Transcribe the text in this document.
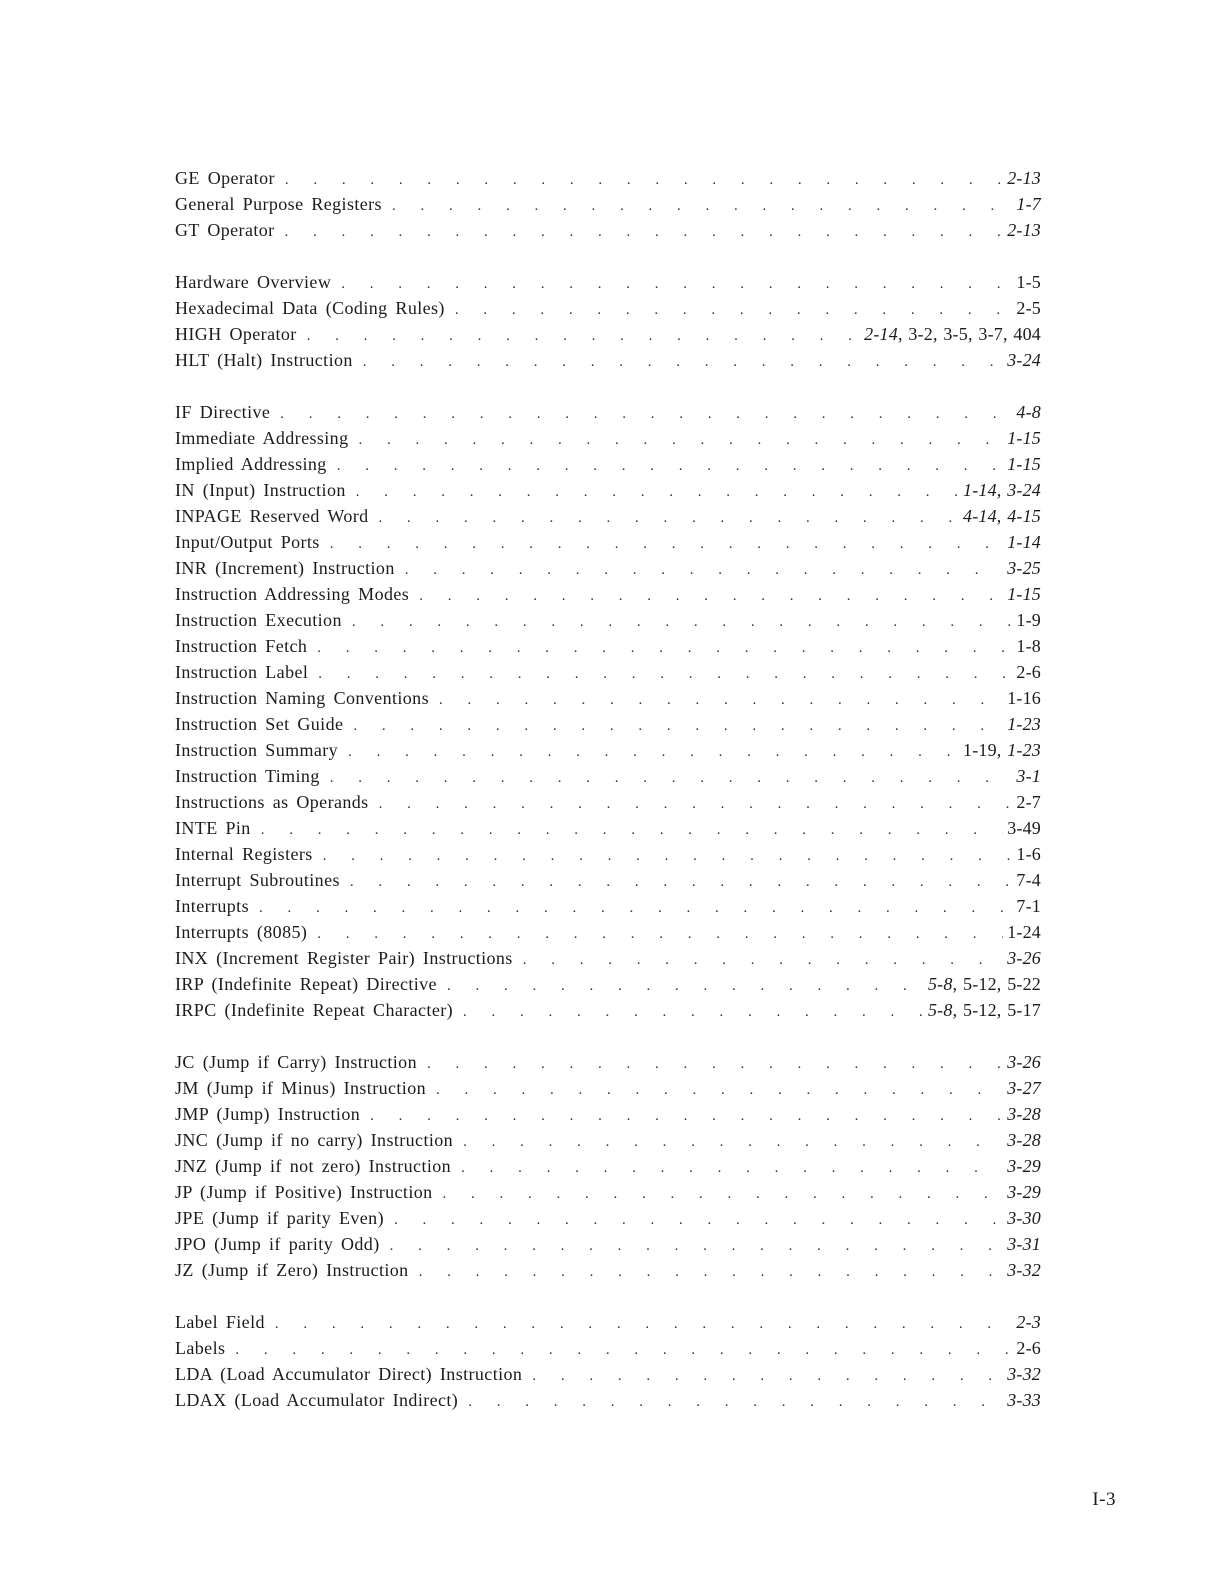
GE Operator . . .	2-13
General Purpose Registers . . .	1-7
GT Operator . . .	2-13
Hardware Overview . . .	1-5
Hexadecimal Data (Coding Rules) . . .	2-5
HIGH Operator . . .	2-14 , 3-2 , 3-5 , 3-7 , 404
HLT (Halt) Instruction . . .	3-24
IF Directive . . .	4-8
Immediate Addressing . . .	1-15
Implied Addressing . . .	1-15
IN (Input) Instruction . . .	1-14 , 3-24
INPAGE Reserved Word . . .	4-14 , 4-15
Input/Output Ports . . .	1-14
INR (Increment) Instruction . . .	3-25
Instruction Addressing Modes . . .	1-15
Instruction Execution . . .	1-9
Instruction Fetch . . .	1-8
Instruction Label . . .	2-6
Instruction Naming Conventions . . .	1-16
Instruction Set Guide . . .	1-23
Instruction Summary . . .	1-19 , 1-23
Instruction Timing . . .	3-1
Instructions as Operands . . .	2-7
INTE Pin . . .	3-49
Internal Registers . . .	1-6
Interrupt Subroutines . . .	7-4
Interrupts . . .	7-1
Interrupts (8085) . . .	1-24
INX (Increment Register Pair) Instructions . . .	3-26
IRP (Indefinite Repeat) Directive . . .	5-8 , 5-12 , 5-22
IRPC (Indefinite Repeat Character) . . .	5-8 , 5-12 , 5-17
JC (Jump if Carry) Instruction . . .	3-26
JM (Jump if Minus) Instruction . . .	3-27
JMP (Jump) Instruction . . .	3-28
JNC (Jump if no carry) Instruction . . .	3-28
JNZ (Jump if not zero) Instruction . . .	3-29
JP (Jump if Positive) Instruction . . .	3-29
JPE (Jump if parity Even) . . .	3-30
JPO (Jump if parity Odd) . . .	3-31
JZ (Jump if Zero) Instruction . . .	3-32
Label Field . . .	2-3
Labels . . .	2-6
LDA (Load Accumulator Direct) Instruction . . .	3-32
LDAX (Load Accumulator Indirect) . . .	3-33
I-3
